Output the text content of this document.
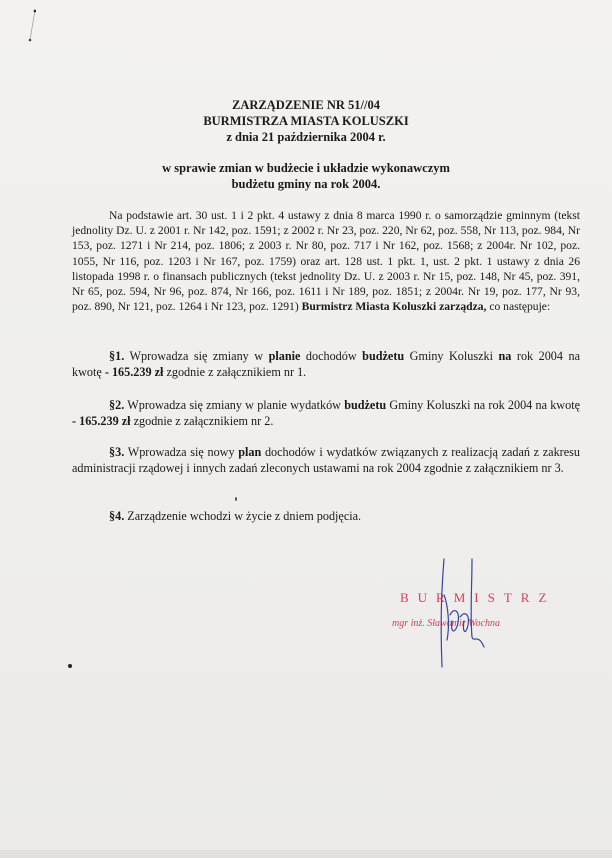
ZARZĄDZENIE NR 51//04
BURMISTRZA MIASTA KOLUSZKI
z dnia 21 października 2004 r.
w sprawie zmian w budżecie i układzie wykonawczym
budżetu gminy na rok 2004.

Na podstawie art. 30 ust. 1 i 2 pkt. 4 ustawy z dnia 8 marca 1990 r. o samorządzie gminnym (tekst jednolity Dz. U. z 2001 r. Nr 142, poz. 1591; z 2002 r. Nr 23, poz. 220, Nr 62, poz. 558, Nr 113, poz. 984, Nr 153, poz. 1271 i Nr 214, poz. 1806; z 2003 r. Nr 80, poz. 717 i Nr 162, poz. 1568; z 2004r. Nr 102, poz. 1055, Nr 116, poz. 1203 i Nr 167, poz. 1759) oraz art. 128 ust. 1 pkt. 1, ust. 2 pkt. 1 ustawy z dnia 26 listopada 1998 r. o finansach publicznych (tekst jednolity Dz. U. z 2003 r. Nr 15, poz. 148, Nr 45, poz. 391, Nr 65, poz. 594, Nr 96, poz. 874, Nr 166, poz. 1611 i Nr 189, poz. 1851; z 2004r. Nr 19, poz. 177, Nr 93, poz. 890, Nr 121, poz. 1264 i Nr 123, poz. 1291) Burmistrz Miasta Koluszki zarządza, co następuje:

§1. Wprowadza się zmiany w planie dochodów budżetu Gminy Koluszki na rok 2004 na kwotę - 165.239 zł zgodnie z załącznikiem nr 1.

§2. Wprowadza się zmiany w planie wydatków budżetu Gminy Koluszki na rok 2004 na kwotę - 165.239 zł zgodnie z załącznikiem nr 2.

§3. Wprowadza się nowy plan dochodów i wydatków związanych z realizacją zadań z zakresu administracji rządowej i innych zadań zleconych ustawami na rok 2004 zgodnie z załącznikiem nr 3.

§4. Zarządzenie wchodzi w życie z dniem podjęcia.

BURMISTRZ
mgr inż. Sławomir Wochna
